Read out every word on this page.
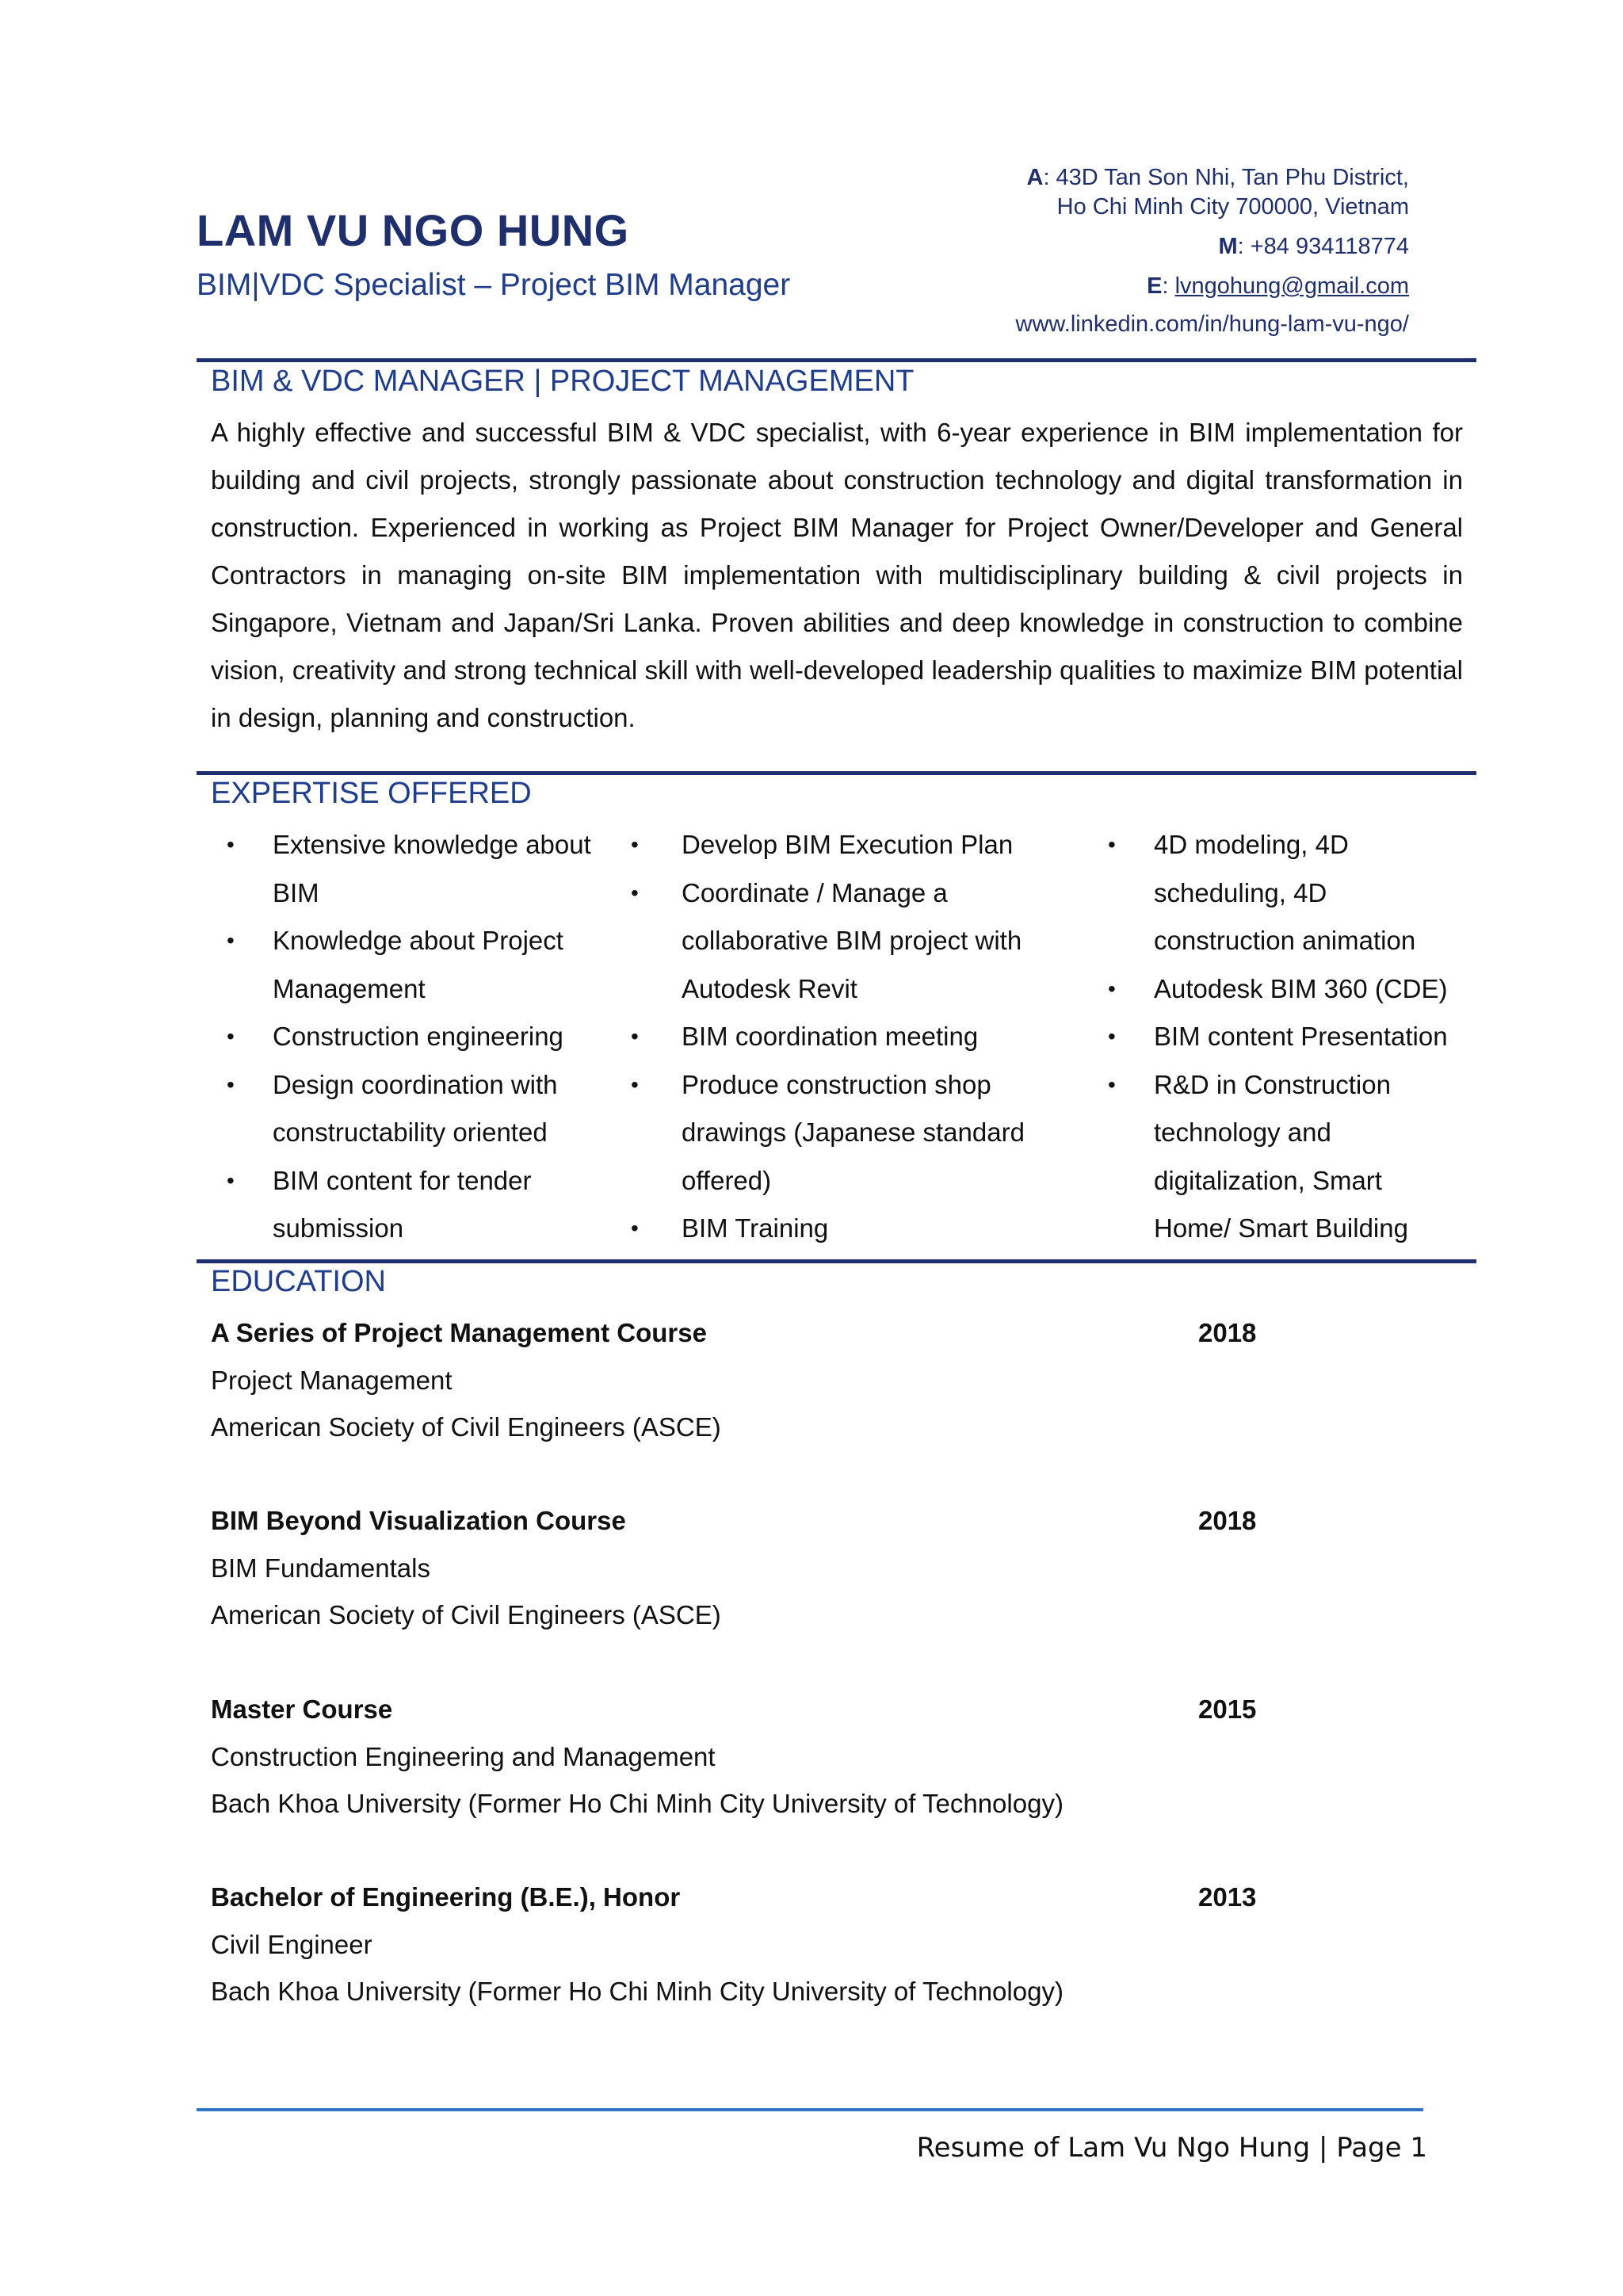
LAM VU NGO HUNG
BIM|VDC Specialist – Project BIM Manager
A: 43D Tan Son Nhi, Tan Phu District,
Ho Chi Minh City 700000, Vietnam
M: +84 934118774
E: lvngohung@gmail.com
www.linkedin.com/in/hung-lam-vu-ngo/
BIM & VDC MANAGER | PROJECT MANAGEMENT

A highly effective and successful BIM & VDC specialist, with 6-year experience in BIM implementation for building and civil projects, strongly passionate about construction technology and digital transformation in construction. Experienced in working as Project BIM Manager for Project Owner/Developer and General Contractors in managing on-site BIM implementation with multidisciplinary building & civil projects in Singapore, Vietnam and Japan/Sri Lanka. Proven abilities and deep knowledge in construction to combine vision, creativity and strong technical skill with well-developed leadership qualities to maximize BIM potential in design, planning and construction.

EXPERTISE OFFERED
• Extensive knowledge about
BIM
• Knowledge about Project
Management
• Construction engineering
• Design coordination with
constructability oriented
• BIM content for tender
submission
• Develop BIM Execution Plan
• Coordinate / Manage a
collaborative BIM project with
Autodesk Revit
• BIM coordination meeting
• Produce construction shop
drawings (Japanese standard
offered)
• BIM Training
• 4D modeling, 4D
scheduling, 4D
construction animation
• Autodesk BIM 360 (CDE)
• BIM content Presentation
• R&D in Construction
technology and
digitalization, Smart
Home/ Smart Building
EDUCATION
A Series of Project Management Course
Project Management
American Society of Civil Engineers (ASCE)
2018
BIM Beyond Visualization Course
BIM Fundamentals
American Society of Civil Engineers (ASCE)
2018
Master Course
Construction Engineering and Management
Bach Khoa University (Former Ho Chi Minh City University of Technology)
2015
Bachelor of Engineering (B.E.), Honor
Civil Engineer
Bach Khoa University (Former Ho Chi Minh City University of Technology)
2013
Resume of Lam Vu Ngo Hung | Page 1
